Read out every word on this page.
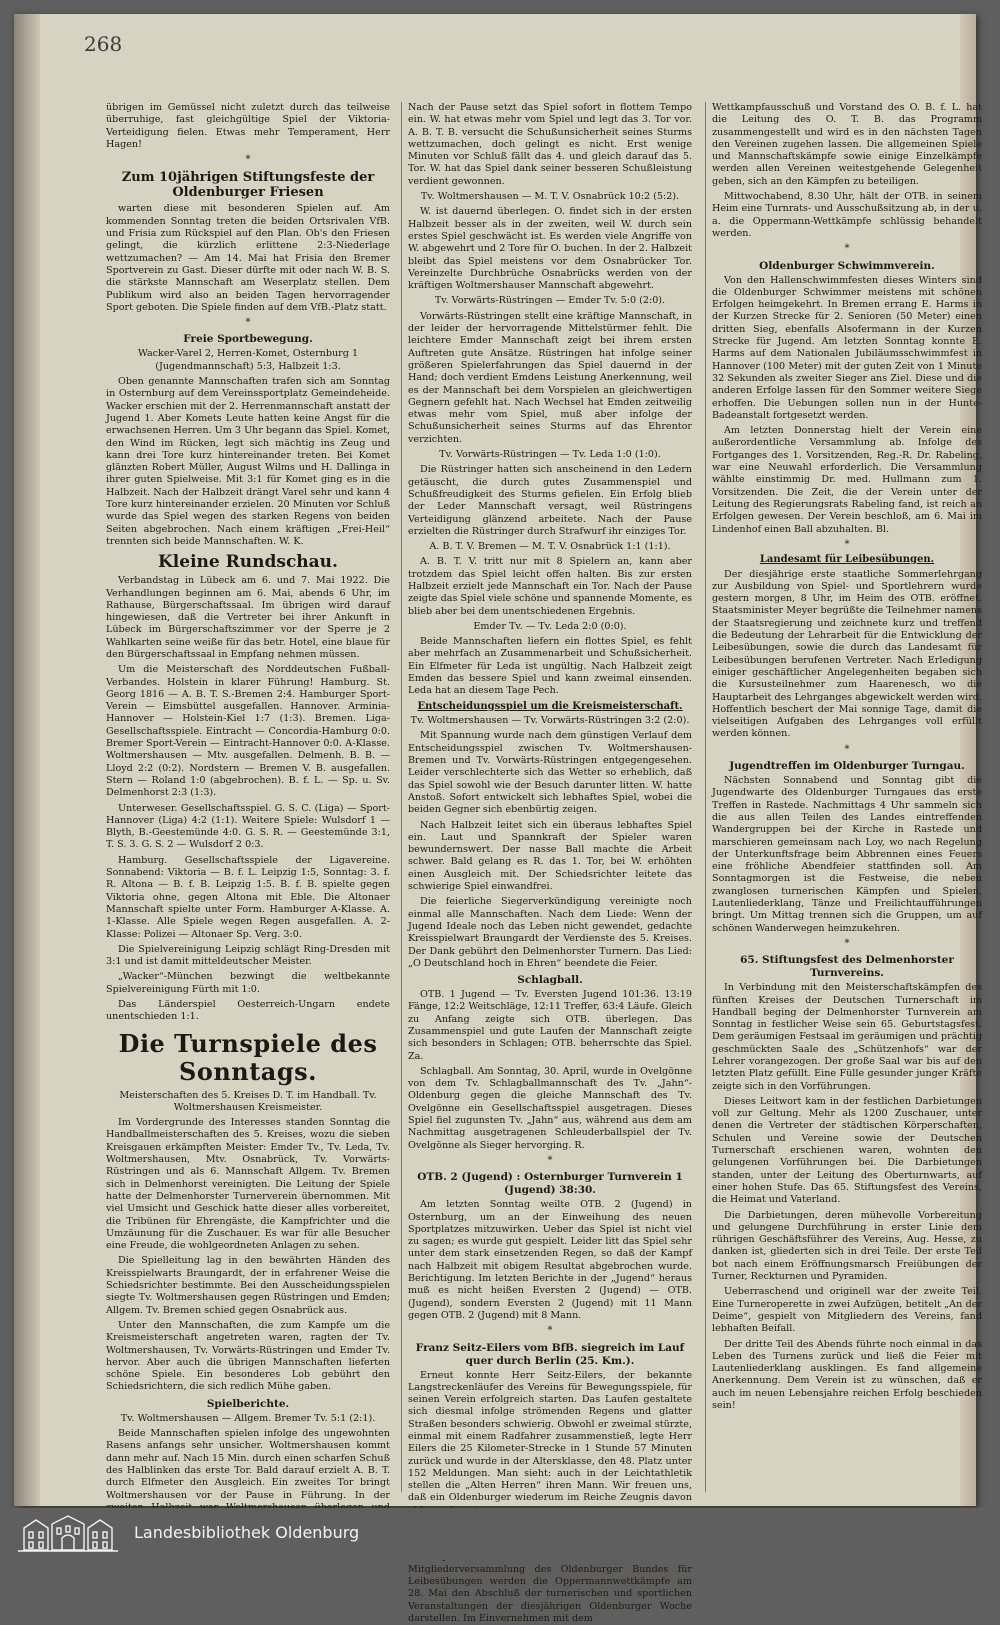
268

übrigen im Gemüssel nicht zuletzt durch das teilweise überruhige, fast gleichgültige Spiel der Viktoria-Verteidigung fielen. Etwas mehr Temperament, Herr Hagen!

*
Zum 10jährigen Stiftungsfeste der Oldenburger Friesen

warten diese mit besonderen Spielen auf. Am kommenden Sonntag treten die beiden Ortsrivalen VfB. und Frisia zum Rückspiel auf den Plan. Ob's den Friesen gelingt, die kürzlich erlittene 2:3-Niederlage wettzumachen? — Am 14. Mai hat Frisia den Bremer Sportverein zu Gast. Dieser dürfte mit oder nach W. B. S. die stärkste Mannschaft am Weserplatz stellen. Dem Publikum wird also an beiden Tagen hervorragender Sport geboten. Die Spiele finden auf dem VfB.-Platz statt.

*
Freie Sportbewegung.
Wacker-Varel 2, Herren-Komet, Osternburg 1 (Jugendmannschaft) 5:3, Halbzeit 1:3.

Oben genannte Mannschaften trafen sich am Sonntag in Osternburg auf dem Vereinssportplatz Gemeindeheide. Wacker erschien mit der 2. Herrenmannschaft anstatt der Jugend 1. Aber Komets Leute hatten keine Angst für die erwachsenen Herren. Um 3 Uhr begann das Spiel. Komet, den Wind im Rücken, legt sich mächtig ins Zeug und kann drei Tore kurz hintereinander treten. Bei Komet glänzten Robert Müller, August Wilms und H. Dallinga in ihrer guten Spielweise. Mit 3:1 für Komet ging es in die Halbzeit. Nach der Halbzeit drängt Varel sehr und kann 4 Tore kurz hintereinander erzielen. 20 Minuten vor Schluß wurde das Spiel wegen des starken Regens von beiden Seiten abgebrochen. Nach einem kräftigen „Frei-Heil“ trennten sich beide Mannschaften. W. K.

Kleine Rundschau.

Verbandstag in Lübeck am 6. und 7. Mai 1922. Die Verhandlungen beginnen am 6. Mai, abends 6 Uhr, im Rathause, Bürgerschaftssaal. Im übrigen wird darauf hingewiesen, daß die Vertreter bei ihrer Ankunft in Lübeck im Bürgerschaftszimmer vor der Sperre je 2 Wahlkarten seine weiße für das betr. Hotel, eine blaue für den Bürgerschaftssaal in Empfang nehmen müssen.

Um die Meisterschaft des Norddeutschen Fußball-Verbandes. Holstein in klarer Führung! Hamburg. St. Georg 1816 — A. B. T. S.-Bremen 2:4. Hamburger Sport-Verein — Eimsbüttel ausgefallen. Hannover. Arminia-Hannover — Holstein-Kiel 1:7 (1:3). Bremen. Liga-Gesellschaftsspiele. Eintracht — Concordia-Hamburg 0:0. Bremer Sport-Verein — Eintracht-Hannover 0:0. A-Klasse. Woltmershausen — Mtv. ausgefallen. Delmenh. B. B. — Lloyd 2:2 (0:2). Nordstern — Bremen V. B. ausgefallen. Stern — Roland 1:0 (abgebrochen). B. f. L. — Sp. u. Sv. Delmenhorst 2:3 (1:3).

Unterweser. Gesellschaftsspiel. G. S. C. (Liga) — Sport-Hannover (Liga) 4:2 (1:1). Weitere Spiele: Wulsdorf 1 — Blyth, B.-Geestemünde 4:0. G. S. R. — Geestemünde 3:1, T. S. 3. G. S. 2 — Wulsdorf 2 0:3.

Hamburg. Gesellschaftsspiele der Ligavereine. Sonnabend: Viktoria — B. f. L. Leipzig 1:5, Sonntag: 3. f. R. Altona — B. f. B. Leipzig 1:5. B. f. B. spielte gegen Viktoria ohne, gegen Altona mit Eble. Die Altonaer Mannschaft spielte unter Form. Hamburger A-Klasse. A. 1-Klasse. Alle Spiele wegen Regen ausgefallen. A. 2-Klasse: Polizei — Altonaer Sp. Verg. 3:0.

Die Spielvereinigung Leipzig schlägt Ring-Dresden mit 3:1 und ist damit mitteldeutscher Meister.

„Wacker“-München bezwingt die weltbekannte Spielvereinigung Fürth mit 1:0.

Das Länderspiel Oesterreich-Ungarn endete unentschieden 1:1.

Die Turnspiele des Sonntags.
Meisterschaften des 5. Kreises D. T. im Handball. Tv. Woltmershausen Kreismeister.

Im Vordergrunde des Interesses standen Sonntag die Handballmeisterschaften des 5. Kreises, wozu die sieben Kreisgauen erkämpften Meister: Emder Tv., Tv. Leda, Tv. Woltmershausen, Mtv. Osnabrück, Tv. Vorwärts-Rüstringen und als 6. Mannschaft Allgem. Tv. Bremen sich in Delmenhorst vereinigten. Die Leitung der Spiele hatte der Delmenhorster Turnerverein übernommen. Mit viel Umsicht und Geschick hatte dieser alles vorbereitet, die Tribünen für Ehrengäste, die Kampfrichter und die Umzäunung für die Zuschauer. Es war für alle Besucher eine Freude, die wohlgeordneten Anlagen zu sehen.

Die Spielleitung lag in den bewährten Händen des Kreisspielwarts Braungardt, der in erfahrener Weise die Schiedsrichter bestimmte. Bei den Ausscheidungsspielen siegte Tv. Woltmershausen gegen Rüstringen und Emden; Allgem. Tv. Bremen schied gegen Osnabrück aus.

Unter den Mannschaften, die zum Kampfe um die Kreismeisterschaft angetreten waren, ragten der Tv. Woltmershausen, Tv. Vorwärts-Rüstringen und Emder Tv. hervor. Aber auch die übrigen Mannschaften lieferten schöne Spiele. Ein besonderes Lob gebührt den Schiedsrichtern, die sich redlich Mühe gaben.

Spielberichte.
Tv. Woltmershausen — Allgem. Bremer Tv. 5:1 (2:1).

Beide Mannschaften spielen infolge des ungewohnten Rasens anfangs sehr unsicher. Woltmershausen kommt dann mehr auf. Nach 15 Min. durch einen scharfen Schuß des Halblinken das erste Tor. Bald darauf erzielt A. B. T. durch Elfmeter den Ausgleich. Ein zweites Tor bringt Woltmershausen vor der Pause in Führung. In der

Nach der Pause setzt das Spiel sofort in flottem Tempo ein. W. hat etwas mehr vom Spiel und legt das 3. Tor vor. A. B. T. B. versucht die Schußunsicherheit seines Sturms wettzumachen, doch gelingt es nicht. Erst wenige Minuten vor Schluß fällt das 4. und gleich darauf das 5. Tor. W. hat das Spiel dank seiner besseren Schußleistung verdient gewonnen.

Tv. Woltmershausen — M. T. V. Osnabrück 10:2 (5:2).

W. ist dauernd überlegen. O. findet sich in der ersten Halbzeit besser als in der zweiten, weil W. durch sein erstes Spiel geschwächt ist. Es werden viele Angriffe von W. abgewehrt und 2 Tore für O. buchen. In der 2. Halbzeit bleibt das Spiel meistens vor dem Osnabrücker Tor. Vereinzelte Durchbrüche Osnabrücks werden von der kräftigen Woltmershauser Mannschaft abgewehrt.

Tv. Vorwärts-Rüstringen — Emder Tv. 5:0 (2:0).

Vorwärts-Rüstringen stellt eine kräftige Mannschaft, in der leider der hervorragende Mittelstürmer fehlt. Die leichtere Emder Mannschaft zeigt bei ihrem ersten Auftreten gute Ansätze. Rüstringen hat infolge seiner größeren Spielerfahrungen das Spiel dauernd in der Hand; doch verdient Emdens Leistung Anerkennung, weil es der Mannschaft bei dem Vorspielen an gleichwertigen Gegnern gefehlt hat. Nach Wechsel hat Emden zeitweilig etwas mehr vom Spiel, muß aber infolge der Schußunsicherheit seines Sturms auf das Ehrentor verzichten.

Tv. Vorwärts-Rüstringen — Tv. Leda 1:0 (1:0).

Die Rüstringer hatten sich anscheinend in den Ledern getäuscht, die durch gutes Zusammenspiel und Schußfreudigkeit des Sturms gefielen. Ein Erfolg blieb der Leder Mannschaft versagt, weil Rüstringens Verteidigung glänzend arbeitete. Nach der Pause erzielten die Rüstringer durch Strafwurf ihr einziges Tor.

A. B. T. V. Bremen — M. T. V. Osnabrück 1:1 (1:1).

A. B. T. V. tritt nur mit 8 Spielern an, kann aber trotzdem das Spiel leicht offen halten. Bis zur ersten Halbzeit erzielt jede Mannschaft ein Tor. Nach der Pause zeigte das Spiel viele schöne und spannende Momente, es blieb aber bei dem unentschiedenen Ergebnis.

Emder Tv. — Tv. Leda 2:0 (0:0).

Beide Mannschaften liefern ein flottes Spiel, es fehlt aber mehrfach an Zusammenarbeit und Schußsicherheit. Ein Elfmeter für Leda ist ungültig. Nach Halbzeit zeigt Emden das bessere Spiel und kann zweimal einsenden. Leda hat an diesem Tage Pech.

Entscheidungsspiel um die Kreismeisterschaft.
Tv. Woltmershausen — Tv. Vorwärts-Rüstringen 3:2 (2:0).

Mit Spannung wurde nach dem günstigen Verlauf dem Entscheidungsspiel zwischen Tv. Woltmershausen-Bremen und Tv. Vorwärts-Rüstringen entgegengesehen. Leider verschlechterte sich das Wetter so erheblich, daß das Spiel sowohl wie der Besuch darunter litten. W. hatte Anstoß. Sofort entwickelt sich lebhaftes Spiel, wobei die beiden Gegner sich ebenbürtig zeigen.

Nach Halbzeit leitet sich ein überaus lebhaftes Spiel ein. Laut und Spannkraft der Spieler waren bewundernswert. Der nasse Ball machte die Arbeit schwer. Bald gelang es R. das 1. Tor, bei W. erhöhten einen Ausgleich mit. Der Schiedsrichter leitete das schwierige Spiel einwandfrei.

Die feierliche Siegerverkündigung vereinigte noch einmal alle Mannschaften. Nach dem Liede: Wenn der Jugend Ideale noch das Leben nicht gewendet, gedachte Kreisspielwart Braungardt der Verdienste des 5. Kreises. Der Dank gebührt den Delmenhorster Turnern. Das Lied: „O Deutschland hoch in Ehren“ beendete die Feier.

Schlagball.

OTB. 1 Jugend — Tv. Eversten Jugend 101:36. 13:19 Fänge, 12:2 Weitschläge, 12:11 Treffer, 63:4 Läufe. Gleich zu Anfang zeigte sich OTB. überlegen. Das Zusammenspiel und gute Laufen der Mannschaft zeigte sich besonders in Schlagen; OTB. beherrschte das Spiel. Za.

Schlagball. Am Sonntag, 30. April, wurde in Ovelgönne von dem Tv. Schlagballmannschaft des Tv. „Jahn“-Oldenburg gegen die gleiche Mannschaft des Tv. Ovelgönne ein Gesellschaftsspiel ausgetragen. Dieses Spiel fiel zugunsten Tv. „Jahn“ aus, während aus dem am Nachmittag ausgetragenen Schleuderballspiel der Tv. Ovelgönne als Sieger hervorging. R.

*
OTB. 2 (Jugend) : Osternburger Turnverein 1 (Jugend) 38:30.

Am letzten Sonntag weilte OTB. 2 (Jugend) in Osternburg, um an der Einweihung des neuen Sportplatzes mitzuwirken. Ueber das Spiel ist nicht viel zu sagen; es wurde gut gespielt. Leider litt das Spiel sehr unter dem stark einsetzenden Regen, so daß der Kampf nach Halbzeit mit obigem Resultat abgebrochen wurde. Berichtigung. Im letzten Berichte in der „Jugend“ heraus muß es nicht heißen Eversten 2 (Jugend) — OTB. (Jugend), sondern Eversten 2 (Jugend) mit 11 Mann gegen OTB. 2 (Jugend) mit 8 Mann.

*
Franz Seitz-Eilers vom BfB. siegreich im Lauf quer durch Berlin (25. Km.).

Erneut konnte Herr Seitz-Eilers, der bekannte Langstreckenläufer des Vereins für Bewegungsspiele, für seinen Verein erfolgreich starten. Das Laufen gestaltete sich diesmal infolge strömenden Regens und glatter Straßen besonders schwierig. Obwohl er zweimal stürzte, einmal mit einem Radfahrer zusammenstieß, legte Herr Eilers die 25 Kilometer-Strecke in 1 Stunde 57 Minuten zurück und wurde in der Altersklasse, den 48. Platz unter 152 Meldungen. Man sieht: auch in der Leichtathletik stellen die „Alten Herren“ ihren Mann. Wir freuen uns, daß ein Oldenburger wiederum im Reiche Zeugnis davon

Mitgliederversammlung des Oldenburger Bundes für Leibesübungen werden die Oppermannwettkämpfe am 28. Mai den Abschluß der turnerischen und sportlichen Veranstaltungen der diesjährigen Oldenburger Woche darstellen. Im Einvernehmen mit dem

Wettkampfausschuß und Vorstand des O. B. f. L. hat die Leitung des O. T. B. das Programm zusammengestellt und wird es in den nächsten Tagen den Vereinen zugehen lassen. Die allgemeinen Spiele und Mannschaftskämpfe sowie einige Einzelkämpfe werden allen Vereinen weitestgehende Gelegenheit geben, sich an den Kämpfen zu beteiligen.

Mittwochabend, 8.30 Uhr, hält der OTB. in seinem Heim eine Turnrats- und Ausschußsitzung ab, in der u. a. die Oppermann-Wettkämpfe schlüssig behandelt werden.

*
Oldenburger Schwimmverein.

Von den Hallenschwimmfesten dieses Winters sind die Oldenburger Schwimmer meistens mit schönen Erfolgen heimgekehrt. In Bremen errang E. Harms in der Kurzen Strecke für 2. Senioren (50 Meter) einen dritten Sieg, ebenfalls Alsofermann in der Kurzen Strecke für Jugend. Am letzten Sonntag konnte E. Harms auf dem Nationalen Jubiläumsschwimmfest in Hannover (100 Meter) mit der guten Zeit von 1 Minute 32 Sekunden als zweiter Sieger ans Ziel. Diese und die anderen Erfolge lassen für den Sommer weitere Siege erhoffen. Die Uebungen sollen nun in der Hunte-Badeanstalt fortgesetzt werden.

Am letzten Donnerstag hielt der Verein eine außerordentliche Versammlung ab. Infolge des Fortganges des 1. Vorsitzenden, Reg.-R. Dr. Rabeling, war eine Neuwahl erforderlich. Die Versammlung wählte einstimmig Dr. med. Hullmann zum 1. Vorsitzenden. Die Zeit, die der Verein unter der Leitung des Regierungsrats Rabeling fand, ist reich an Erfolgen gewesen. Der Verein beschloß, am 6. Mai im Lindenhof einen Ball abzuhalten. Bl.

*
Landesamt für Leibesübungen.

Der diesjährige erste staatliche Sommerlehrgang zur Ausbildung von Spiel- und Sportlehrern wurde gestern morgen, 8 Uhr, im Heim des OTB. eröffnet. Staatsminister Meyer begrüßte die Teilnehmer namens der Staatsregierung und zeichnete kurz und treffend die Bedeutung der Lehrarbeit für die Entwicklung der Leibesübungen, sowie die durch das Landesamt für Leibesübungen berufenen Vertreter. Nach Erledigung einiger geschäftlicher Angelegenheiten begaben sich die Kursusteilnehmer zum Haarenesch, wo die Hauptarbeit des Lehrganges abgewickelt werden wird. Hoffentlich beschert der Mai sonnige Tage, damit die vielseitigen Aufgaben des Lehrganges voll erfüllt werden können.

*
Jugendtreffen im Oldenburger Turngau.

Nächsten Sonnabend und Sonntag gibt die Jugendwarte des Oldenburger Turngaues das erste Treffen in Rastede. Nachmittags 4 Uhr sammeln sich die aus allen Teilen des Landes eintreffenden Wandergruppen bei der Kirche in Rastede und marschieren gemeinsam nach Loy, wo nach Regelung der Unterkunftsfrage beim Abbrennen eines Feuers eine fröhliche Abendfeier stattfinden soll. Am Sonntagmorgen ist die Festweise, die neben zwanglosen turnerischen Kämpfen und Spielen, Lautenliederklang, Tänze und Freilichtaufführungen bringt. Um Mittag trennen sich die Gruppen, um auf schönen Wanderwegen heimzukehren.

*
65. Stiftungsfest des Delmenhorster Turnvereins.

In Verbindung mit den Meisterschaftskämpfen des fünften Kreises der Deutschen Turnerschaft im Handball beging der Delmenhorster Turnverein am Sonntag in festlicher Weise sein 65. Geburtstagsfest. Dem geräumigen Festsaal im geräumigen und prächtig geschmückten Saale des „Schützenhofs“ war der Lehrer vorangezogen. Der große Saal war bis auf den letzten Platz gefüllt. Eine Fülle gesunder junger Kräfte zeigte sich in den Vorführungen.

Dieses Leitwort kam in der festlichen Darbietungen voll zur Geltung. Mehr als 1200 Zuschauer, unter denen die Vertreter der städtischen Körperschaften, Schulen und Vereine sowie der Deutschen Turnerschaft erschienen waren, wohnten den gelungenen Vorführungen bei. Die Darbietungen standen, unter der Leitung des Oberturnwarts, auf einer hohen Stufe. Das 65. Stiftungsfest des Vereins, die Heimat und Vaterland.

Die Darbietungen, deren mühevolle Vorbereitung und gelungene Durchführung in erster Linie dem rührigen Geschäftsführer des Vereins, Aug. Hesse, zu danken ist, gliederten sich in drei Teile. Der erste Teil bot nach einem Eröffnungsmarsch Freiübungen der Turner, Reckturnen und Pyramiden.

Ueberraschend und originell war der zweite Teil. Eine Turneroperette in zwei Aufzügen, betitelt „An der Deime“, gespielt von Mitgliedern des Vereins, fand lebhaften Beifall.

Der dritte Teil des Abends führte noch einmal in das Leben des Turnens zurück und ließ die Feier mit Lautenliederklang ausklingen. Es fand allgemeine Anerkennung. Dem Verein ist zu wünschen, daß er auch im neuen Lebensjahre reichen Erfolg beschieden sein!

Landesbibliothek Oldenburg
